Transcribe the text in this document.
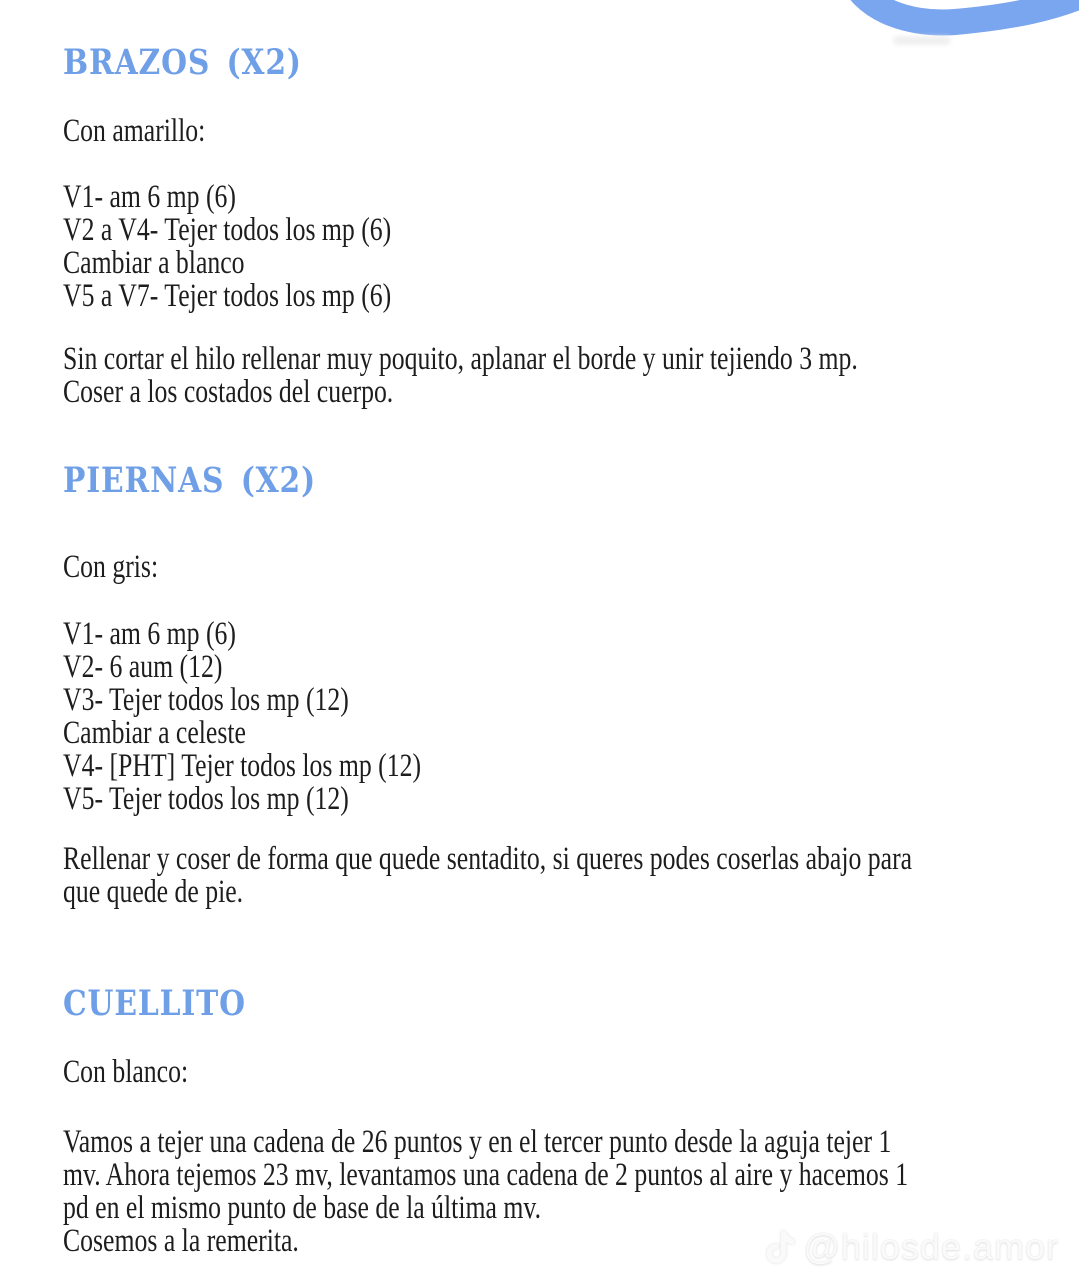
BRAZOS (X2)
Con amarillo:
V1- am 6 mp (6)
V2 a V4- Tejer todos los mp (6)
Cambiar a blanco
V5 a V7- Tejer todos los mp (6)
Sin cortar el hilo rellenar muy poquito, aplanar el borde y unir tejiendo 3 mp.
Coser a los costados del cuerpo.
PIERNAS (X2)
Con gris:
V1- am 6 mp (6)
V2- 6 aum (12)
V3- Tejer todos los mp (12)
Cambiar a celeste
V4- [PHT] Tejer todos los mp (12)
V5- Tejer todos los mp (12)
Rellenar y coser de forma que quede sentadito, si queres podes coserlas abajo para
que quede de pie.
CUELLITO
Con blanco:
Vamos a tejer una cadena de 26 puntos y en el tercer punto desde la aguja tejer 1
mv. Ahora tejemos 23 mv, levantamos una cadena de 2 puntos al aire y hacemos 1
pd en el mismo punto de base de la última mv.
Cosemos a la remerita.	@hilosde.amor
